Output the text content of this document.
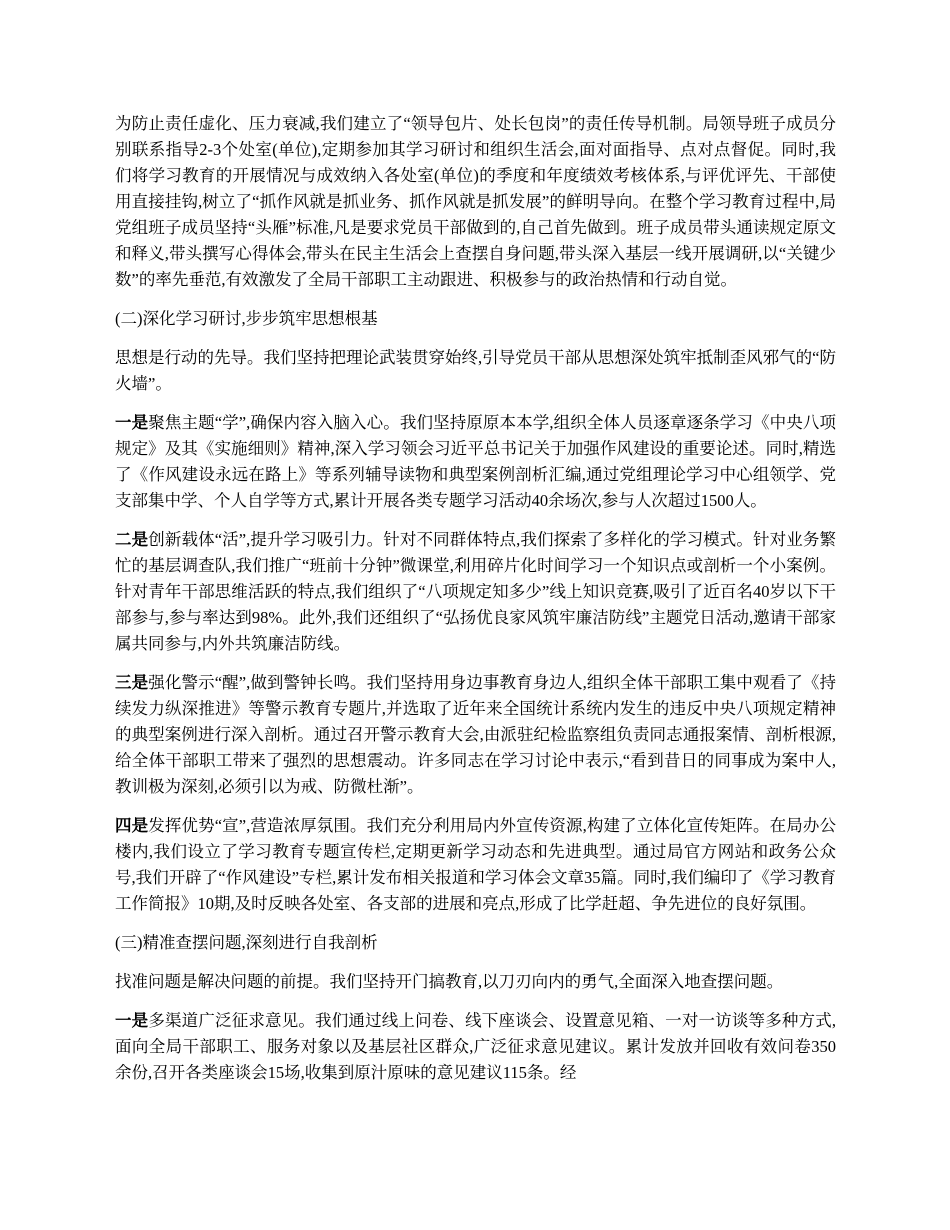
为防止责任虚化、压力衰减,我们建立了“领导包片、处长包岗”的责任传导机制。局领导班子成员分别联系指导2-3个处室(单位),定期参加其学习研讨和组织生活会,面对面指导、点对点督促。同时,我们将学习教育的开展情况与成效纳入各处室(单位)的季度和年度绩效考核体系,与评优评先、干部使用直接挂钩,树立了“抓作风就是抓业务、抓作风就是抓发展”的鲜明导向。在整个学习教育过程中,局党组班子成员坚持“头雁”标准,凡是要求党员干部做到的,自己首先做到。班子成员带头通读规定原文和释义,带头撰写心得体会,带头在民主生活会上查摆自身问题,带头深入基层一线开展调研,以“关键少数”的率先垂范,有效激发了全局干部职工主动跟进、积极参与的政治热情和行动自觉。

(二)深化学习研讨,步步筑牢思想根基

思想是行动的先导。我们坚持把理论武装贯穿始终,引导党员干部从思想深处筑牢抵制歪风邪气的“防火墙”。

一是聚焦主题“学”,确保内容入脑入心。我们坚持原原本本学,组织全体人员逐章逐条学习《中央八项规定》及其《实施细则》精神,深入学习领会习近平总书记关于加强作风建设的重要论述。同时,精选了《作风建设永远在路上》等系列辅导读物和典型案例剖析汇编,通过党组理论学习中心组领学、党支部集中学、个人自学等方式,累计开展各类专题学习活动40余场次,参与人次超过1500人。

二是创新载体“活”,提升学习吸引力。针对不同群体特点,我们探索了多样化的学习模式。针对业务繁忙的基层调查队,我们推广“班前十分钟”微课堂,利用碎片化时间学习一个知识点或剖析一个小案例。针对青年干部思维活跃的特点,我们组织了“八项规定知多少”线上知识竞赛,吸引了近百名40岁以下干部参与,参与率达到98%。此外,我们还组织了“弘扬优良家风筑牢廉洁防线”主题党日活动,邀请干部家属共同参与,内外共筑廉洁防线。

三是强化警示“醒”,做到警钟长鸣。我们坚持用身边事教育身边人,组织全体干部职工集中观看了《持续发力纵深推进》等警示教育专题片,并选取了近年来全国统计系统内发生的违反中央八项规定精神的典型案例进行深入剖析。通过召开警示教育大会,由派驻纪检监察组负责同志通报案情、剖析根源,给全体干部职工带来了强烈的思想震动。许多同志在学习讨论中表示,“看到昔日的同事成为案中人,教训极为深刻,必须引以为戒、防微杜渐”。

四是发挥优势“宣”,营造浓厚氛围。我们充分利用局内外宣传资源,构建了立体化宣传矩阵。在局办公楼内,我们设立了学习教育专题宣传栏,定期更新学习动态和先进典型。通过局官方网站和政务公众号,我们开辟了“作风建设”专栏,累计发布相关报道和学习体会文章35篇。同时,我们编印了《学习教育工作简报》10期,及时反映各处室、各支部的进展和亮点,形成了比学赶超、争先进位的良好氛围。

(三)精准查摆问题,深刻进行自我剖析

找准问题是解决问题的前提。我们坚持开门搞教育,以刀刃向内的勇气,全面深入地查摆问题。

一是多渠道广泛征求意见。我们通过线上问卷、线下座谈会、设置意见箱、一对一访谈等多种方式,面向全局干部职工、服务对象以及基层社区群众,广泛征求意见建议。累计发放并回收有效问卷350余份,召开各类座谈会15场,收集到原汁原味的意见建议115条。经
